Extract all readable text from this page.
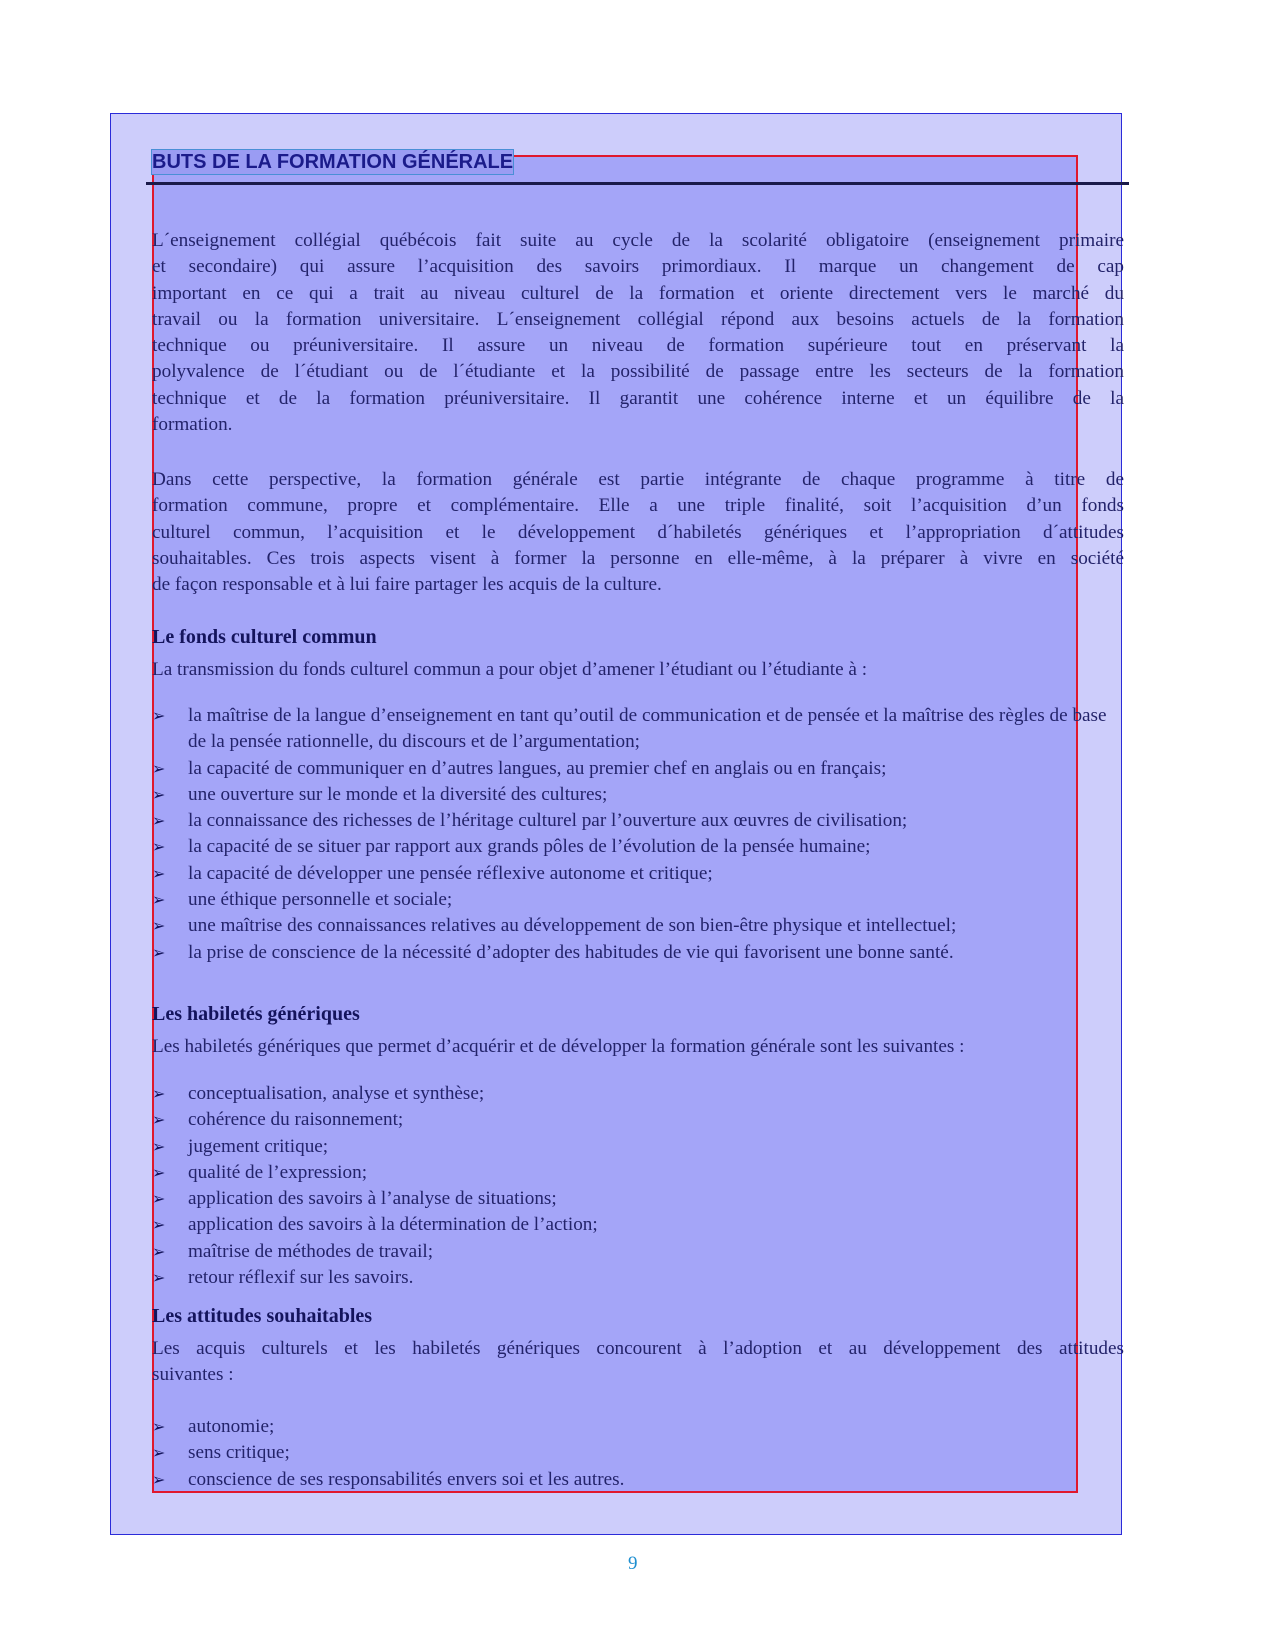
BUTS DE LA FORMATION GÉNÉRALE

L´enseignement collégial québécois fait suite au cycle de la scolarité obligatoire (enseignement primaire
et secondaire) qui assure l’acquisition des savoirs primordiaux. Il marque un changement de cap
important en ce qui a trait au niveau culturel de la formation et oriente directement vers le marché du
travail ou la formation universitaire. L´enseignement collégial répond aux besoins actuels de la formation
technique ou préuniversitaire. Il assure un niveau de formation supérieure tout en préservant la
polyvalence de l´étudiant ou de l´étudiante et la possibilité de passage entre les secteurs de la formation
technique et de la formation préuniversitaire. Il garantit une cohérence interne et un équilibre de la
formation.

Dans cette perspective, la formation générale est partie intégrante de chaque programme à titre de
formation commune, propre et complémentaire. Elle a une triple finalité, soit l’acquisition d’un fonds
culturel commun, l’acquisition et le développement d´habiletés génériques et l’appropriation d´attitudes
souhaitables. Ces trois aspects visent à former la personne en elle-même, à la préparer à vivre en société
de façon responsable et à lui faire partager les acquis de la culture.

Le fonds culturel commun
La transmission du fonds culturel commun a pour objet d’amener l’étudiant ou l’étudiante à :
➢ la maîtrise de la langue d’enseignement en tant qu’outil de communication et de pensée et la maîtrise des règles de base de la pensée rationnelle, du discours et de l’argumentation;
➢ la capacité de communiquer en d’autres langues, au premier chef en anglais ou en français;
➢ une ouverture sur le monde et la diversité des cultures;
➢ la connaissance des richesses de l’héritage culturel par l’ouverture aux œuvres de civilisation;
➢ la capacité de se situer par rapport aux grands pôles de l’évolution de la pensée humaine;
➢ la capacité de développer une pensée réflexive autonome et critique;
➢ une éthique personnelle et sociale;
➢ une maîtrise des connaissances relatives au développement de son bien-être physique et intellectuel;
➢ la prise de conscience de la nécessité d’adopter des habitudes de vie qui favorisent une bonne santé.
Les habiletés génériques
Les habiletés génériques que permet d’acquérir et de développer la formation générale sont les suivantes :
➢ conceptualisation, analyse et synthèse;
➢ cohérence du raisonnement;
➢ jugement critique;
➢ qualité de l’expression;
➢ application des savoirs à l’analyse de situations;
➢ application des savoirs à la détermination de l’action;
➢ maîtrise de méthodes de travail;
➢ retour réflexif sur les savoirs.
Les attitudes souhaitables

Les acquis culturels et les habiletés génériques concourent à l’adoption et au développement des attitudes
suivantes :

➢ autonomie;
➢ sens critique;
➢ conscience de ses responsabilités envers soi et les autres.
9
